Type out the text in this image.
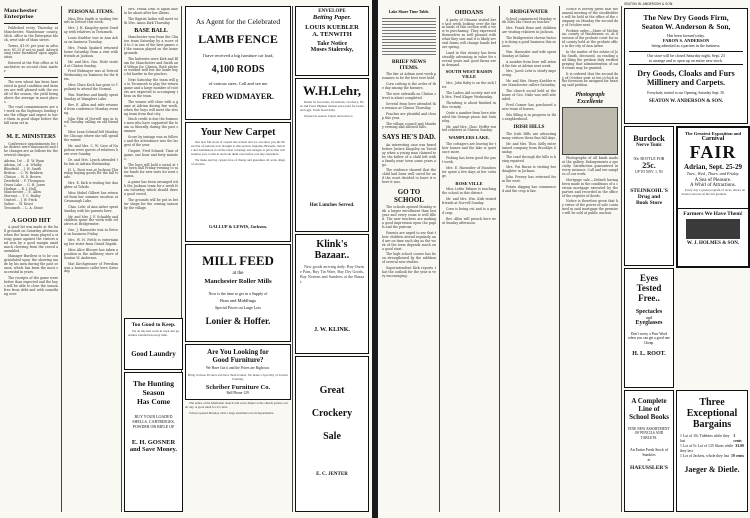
Manchester Enterprise

Published every Thursday at Manchester, Washtenaw county, Mich. office in the Enterprise block, west side of Main street.

Terms, $1.00 per year in advance; $1.25 if not so paid. Advertising rates furnished upon application.

Entered at the Post office at Manchester as second class matter.

The new wheat has been harvested in good condition and farmers are well pleased with the result of the season, the yield being above the average in most places.

The road commissioners are at work on the highways leading into the village and expect to have them in good shape before the fall rains set in.

M. E. MINISTERS

Conference appointments for the district were announced and the changes are as follows for the several charges.

Adrian, 1st ... E. W. Ryan
Adrian, 2d ... A. Whitby
Blissfield ... J. H. Smith
Britton ... C. W. Baldwin
Clinton ... W. D. Brown
Deerfield ... F. Thompson
Grass Lake ... G. H. Jones
Hudson ... R. J. Hall
Manchester ... E. Allen
Morenci ... T. C. Bailey
Onsted ... J. W. Frick
Saline ... W. Keast
Tecumseh ... L. A. Stone
A GOOD HIT

A good hit was made at the ball grounds on Saturday afternoon when the home team played a strong game against the visitors and won by a good margin amid much cheering from the crowd assembled.

Manager Burtless is to be congratulated upon the showing made by his men during the past season, which has been the most successful in years.

The receipts of the game were better than expected and the boys will be able to close the season free from debt and with something over.

PERSONAL ITEMS.

Miss Etta Smith is visiting friends in Detroit this week.

Mrs. J. H. Kingsley spent Sunday with relatives in Tecumseh.

Louis Kuebler was in Ann Arbor on business Tuesday.

Mrs. Frank Spafard returned home Saturday from a visit with friends at Jackson.

Mr. and Mrs. Geo. Nisle visited at Clinton Sunday.

Fred Widmayer was at Detroit Wednesday on business for the firm.

Miss Clara Koch has gone to Ypsilanti to attend the Normal.

Wm. Burtless and family spent Sunday at Wamplers Lake.

Rev. E. Allen and wife returned from conference Monday evening.

John Fisk of Norvell was in town Tuesday calling on old friends.

Miss Lena Schmid left Monday for Chicago where she will spend the winter.

Mr. and Mrs. C. W. Case of Napoleon were guests of relatives here over Sunday.

Dr. and Mrs. Lynch attended the fair at Adrian Wednesday.

H. L. Root was at Jackson Thursday buying goods for the fall trade.

Mrs. E. Kirk is visiting her daughter at Toledo.

Miss Mabel Gilbert has returned from her summer vacation at Cavanaugh Lake.

Chas. Lehr of Ann Arbor spent Sunday with his parents here.

Mr. and Mrs. J. F. Schaible and children spent the week with relatives at Bridgewater.

Geo. J. Haeussler was in Detroit on business Friday.

Mrs. W. H. Pottle is entertaining her sister from Grand Rapids.

Miss Alice Blosser has taken a position in the millinery store of Seaton W. Anderson.

Mat Kirchgessner of Freedom was a business caller here Saturday.

Mrs. Frank Neal is again able to be about after her illness.

The Baptist ladies will meet with Mrs. Amos Kirk Thursday.

BASE BALL

Manchester won from the Clinton team Saturday by a score of 8 to 3 in one of the best games of the season played on the home grounds.

The batteries were Kirk and Blum for Manchester and Smith and Wilson for Clinton. Both pitchers worked well but the home boys hit harder in the pinches.

Next Saturday the team will go to Tecumseh to play the return game and a large number of rooters are expected to accompany them on the train.

The season will close with a game at Adrian during fair week, when the boys will meet the strong team from that city.

Much credit is due the business men who have supported the team so liberally during the past summer.

Score by innings was as follows and the attendance was the largest of the year.

Umpire, Fred Schmid. Time of game, one hour and forty minutes.

The boys will hold a social at the town hall Friday evening to raise funds for new suits for next season.

A game has been arranged with the Jackson team for a week from Saturday which should draw a good crowd.

The grounds will be put in better shape for the coming season by the village.

As Agent for the Celebrated
LAMB FENCE
I have received a big furniture car load,
4,100 RODS
of various sizes. Call and see me
FRED WIDMAYER.
Your New Carpet

Our new fall stock of carpets has arrived and we can show you the finest line of patterns ever brought to this section. Ingrains, Brussels, Velvets and Axminsters in all the latest colorings and designs at prices that will surprise you. Come in and look them over before you buy elsewhere.

We make and lay carpets free of charge and guarantee all work. Rugs of all sizes.

GALLUP & LEWIS, Jackson.
MILL FEED
at the
Manchester Roller Mills
Now is the time to get in a Supply of
Bran and Middlings
Special Prices on Large Lots
Lonier & Hoffer.
Are You Looking for
Good Furniture?
We Have Got it and the Prices are Right too.
Bring in those Pictures and have them framed. We make a Specialty of Artistic Framing.
Schriber Furniture Co.
Bell Phone 129.

The ladies of the Methodist church will serve dinner at the church parlors on fair day. A good meal for 25 cents.

School opened Monday with a large attendance in all departments.

Too Good to Keep.

We do the best work in town and guarantee satisfaction every time.

Good Laundry
The Hunting
Season
Has Come
BUY YOUR LOADED SHELLS, CARTRIDGES, POWDER OR RIFLE OF
E. H. GOSNER
and Save Money.
ENVELOPE
Betting Paper.
LOUIS KUEBLER
A. TENWITH
Take Notice
Moses Stalersky,
W.H.Lehr,

Dealer in Groceries, Provisions, Crockery, Flour and Feed. Highest market price paid for butter and eggs. Fresh bread daily.

Oysters in season. Cigars and tobacco.

Hot Lunches Served.
Klink's
Bazaar..

New goods arriving daily. Buy Ourine Pans, Buy Tin Ware, Buy Dry Goods, Buy Notions and Sundries at the Bazaar.

J. W. KLINK.
Great
Crockery
Sale
E. C. JENTER
Lake Shore Time Table.
BRIEF NEWS ITEMS.

The fair at Adrian next week promises to be the best ever held.

Corn cutting is the order of the day among the farmers.

The new sidewalk on Clinton street is about completed.

Several from here attended the reunion at Clinton Thursday.

Peaches are plentiful and cheap this year.

The village council met Monday evening and allowed bills.

SAYS HE'S DAD.

An interesting case was heard before Justice Kingsley on Tuesday when a young man claimed to be the father of a child left with a family near town some years ago.

The evidence showed that the child had been well cared for and the court decided to leave it where it was.

GO TO SCHOOL

The schools opened Monday with a larger enrollment than last year and every room is well filled. The new teachers are making a good impression upon the pupils and the patrons.

Parents are urged to see that their children attend regularly and are on time each day as the work of the term depends much on a good start.

The high school course has been strengthened by the addition of several new studies.

Superintendent Kirk reports that the outlook for the year is very encouraging.

OHIOANS

A party of Ohioans visited here last week looking over the farm lands of this section with a view to purchasing. They expressed themselves as well pleased with what they saw and it is likely several farms will change hands before spring.

Land in this vicinity has been steadily advancing in value for several years and good farms are in demand.

SOUTH WEST RAISIN VILLE

Mrs. John Raby is on the sick list.

The Ladies Aid society met with Mrs. Fred Klager Wednesday.

Threshing is about finished in this vicinity.

Quite a number from here attended the Grange picnic last Saturday.

Mr. and Mrs. Chas. Hoffer visited relatives at Sharon Sunday.

WAMPLERS LAKE.

The cottagers are leaving for their homes and the lake is quiet once more.

Fishing has been good the past week.

Mrs. E. Haeussler of Manchester spent a few days at her cottage.

ROSE VILLE

Miss Lottie Palmer is teaching the school in this district.

Mr. and Mrs. Wm. Kirk visited friends at Norvell Sunday.

Corn is being cut and is a good crop.

Rev. Allen will preach here next Sunday afternoon.

BRIDGEWATER

School commenced Monday with Miss Ida Gross as teacher.

Mrs. Frank Reno and children are visiting relatives in Jackson.

The Bridgewater cheese factory is doing a good business this season.

Wm. Haeussler and wife spent Sunday at Saline.

A number from here will attend the fair at Adrian next week.

Mrs. Jacob Lehr is slowly improving.

Mr. and Mrs. Henry Kuebler were Manchester callers Saturday.

The church social held at the home of Geo. Nisle was well attended.

Fred Gosner has purchased a new team of horses.

Silo filling is in progress in this neighborhood.

IRISH HILLS

The Irish Hills are attracting many visitors these fine fall days.

Mr. and Mrs. Thos. Kelly entertained company from Brooklyn Sunday.

The road through the hills is being repaired.

Mrs. Pat Burns is visiting her daughter in Jackson.

John Feeney has returned from the west.

Potato digging has commenced and the crop is fair.

Notice is hereby given that the annual meeting of the stockholders will be held at the office of the company on Monday the second day of October next.

Probate order.—State of Michigan, county of Washtenaw, ss. At a session of the probate court for said county held at the probate office in the city of Ann Arbor.

In the matter of the estate of John Smith, deceased, on reading and filing the petition duly verified praying that administration of said estate may be granted.

It is ordered that the second day of October next at ten o'clock in the forenoon be assigned for hearing said petition.

Photograph Excellente

Photographs of all kinds made at the gallery. Enlargements a specialty. Satisfaction guaranteed in every instance. Call and see samples of our work.

Mortgage sale.—Default having been made in the conditions of a certain mortgage executed by the parties and recorded in the office of the register of deeds.

Notice is therefore given that by virtue of the power of sale contained in said mortgage the premises will be sold at public auction.

SEATON W. ANDERSON & SON.
The New Dry Goods Firm,
Seaton W. Anderson & Son,
Has been formed today.
FARON S. ANDERSON
being admitted as a partner in the business.
Our store will be closed Saturday night, Sept. 23
to arrange and to open up on entire new stock.
Dry Goods, Cloaks and Furs
Millinery and Carpets.
Everybody invited to our Opening, Saturday Sept. 30.
SEATON W. ANDERSON & SON.
Burdock
Nerve Tonic
50c BOTTLE FOR
25c.
UP TO NOV. 1, '05
STEINKOHL'S
Drug and
Book Store
The Greatest Exposition and
Carnival
FAIR
Adrian, Sept. 25-29
Tues., Wed., Thurs. and Friday.
A Sea of Pleasure.
A Whirl of Attractions.

Every day a grand program of races, shows and band concerts on the fair grounds.

Farmers We Have Them!
W. J. HOLMES & SON.
Eyes
Tested
Free..
Spectacles
and
Eyeglasses
Don't worry a Poor Word when you can get a good one Cheap.
H. L. ROOT.
A Complete
Line of
School Books
FINE NEW ASSORTMENT OF PENCILS AND TABLETS.
An Entire Fresh Stock of Sundries
at
HAEUSSLER'S
Three
Exceptional
Bargains
1 Lot of 10c Tidebins while they last
3 cents
1 Lot of 5c Lot of 125 Shoes while they last
$1.00
1 Lot of Jackets, whole they last 19 cents
Jaeger & Dietle.
